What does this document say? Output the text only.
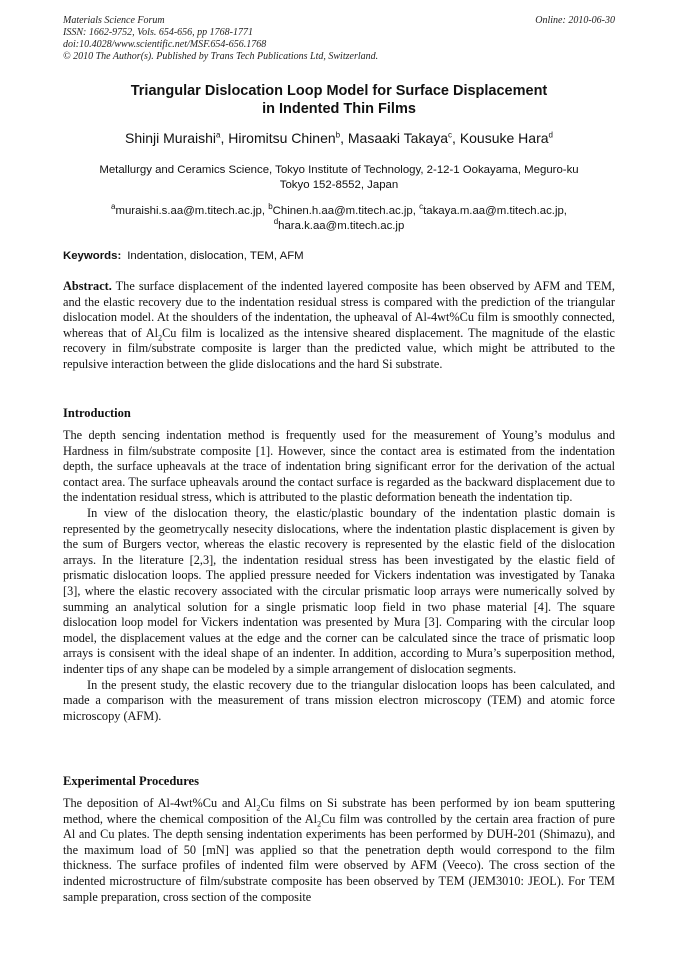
Materials Science Forum	Online: 2010-06-30
ISSN: 1662-9752, Vols. 654-656, pp 1768-1771
doi:10.4028/www.scientific.net/MSF.654-656.1768
© 2010 The Author(s). Published by Trans Tech Publications Ltd, Switzerland.
Triangular Dislocation Loop Model for Surface Displacement
in Indented Thin Films
Shinji Muraishi$^a$, Hiromitsu Chinen$^b$, Masaaki Takaya$^c$, Kousuke Hara$^d$
Metallurgy and Ceramics Science, Tokyo Institute of Technology, 2-12-1 Ookayama, Meguro-ku
Tokyo 152-8552, Japan
$^a$muraishi.s.aa@m.titech.ac.jp, $^b$Chinen.h.aa@m.titech.ac.jp, $^c$takaya.m.aa@m.titech.ac.jp,
$^d$hara.k.aa@m.titech.ac.jp
Keywords: Indentation, dislocation, TEM, AFM

Abstract. The surface displacement of the indented layered composite has been observed by AFM and TEM, and the elastic recovery due to the indentation residual stress is compared with the prediction of the triangular dislocation model. At the shoulders of the indentation, the upheaval of Al-4wt%Cu film is smoothly connected, whereas that of $Al_2Cu$ film is localized as the intensive sheared displacement. The magnitude of the elastic recovery in film/substrate composite is larger than the predicted value, which might be attributed to the repulsive interaction between the glide dislocations and the hard Si substrate.

Introduction

The depth sencing indentation method is frequently used for the measurement of Young’s modulus and Hardness in film/substrate composite [1]. However, since the contact area is estimated from the indentation depth, the surface upheavals at the trace of indentation bring significant error for the derivation of the actual contact area. The surface upheavals around the contact surface is regarded as the backward displacement due to the indentation residual stress, which is attributed to the plastic deformation beneath the indentation tip.

In view of the dislocation theory, the elastic/plastic boundary of the indentation plastic domain is represented by the geometrycally nesecity dislocations, where the indentation plastic displacement is given by the sum of Burgers vector, whereas the elastic recovery is represented by the elastic field of the dislocation arrays. In the literature [2,3], the indentation residual stress has been investigated by the elastic field of prismatic dislocation loops. The applied pressure needed for Vickers indentation was investigated by Tanaka [3], where the elastic recovery associated with the circular prismatic loop arrays were numerically solved by summing an analytical solution for a single prismatic loop field in two phase material [4]. The square dislocation loop model for Vickers indentation was presented by Mura [3]. Comparing with the circular loop model, the displacement values at the edge and the corner can be calculated since the trace of prismatic loop arrays is consisent with the ideal shape of an indenter. In addition, according to Mura’s superposition method, indenter tips of any shape can be modeled by a simple arrangement of dislocation segments.

In the present study, the elastic recovery due to the triangular dislocation loops has been calculated, and made a comparison with the measurement of trans mission electron microscopy (TEM) and atomic force microscopy (AFM).

Experimental Procedures

The deposition of Al-4wt%Cu and $Al_2Cu$ films on Si substrate has been performed by ion beam sputtering method, where the chemical composition of the $Al_2Cu$ film was controlled by the certain area fraction of pure Al and Cu plates. The depth sensing indentation experiments has been performed by DUH-201 (Shimazu), and the maximum load of 50 [mN] was applied so that the penetration depth would correspond to the film thickness. The surface profiles of indented film were observed by AFM (Veeco). The cross section of the indented microstructure of film/substrate composite has been observed by TEM (JEM3010: JEOL). For TEM sample preparation, cross section of the composite
